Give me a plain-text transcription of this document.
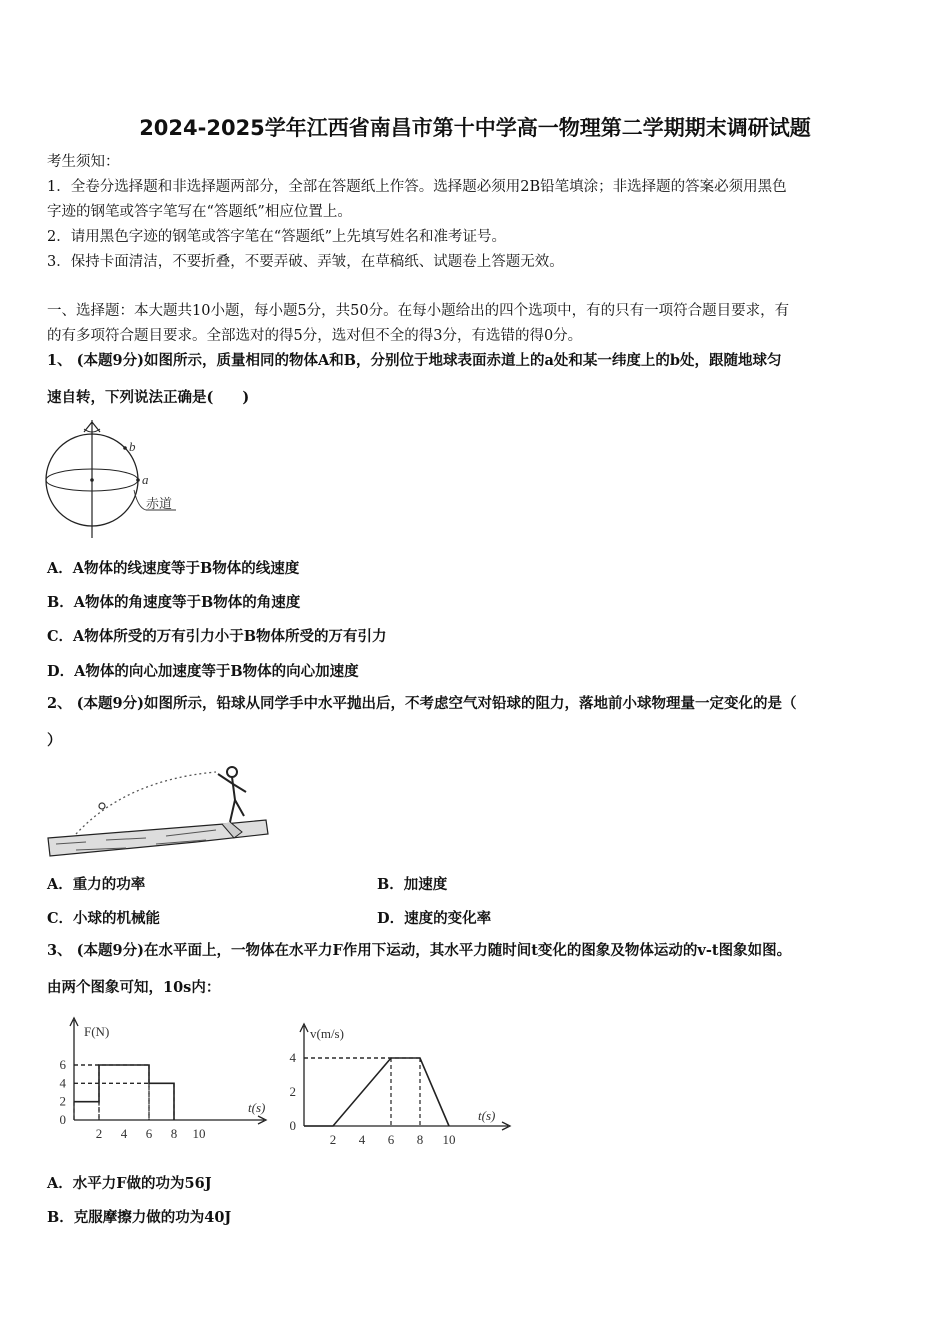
2024-2025学年江西省南昌市第十中学高一物理第二学期期末调研试题
考生须知：
1．全卷分选择题和非选择题两部分，全部在答题纸上作答。选择题必须用2B铅笔填涂；非选择题的答案必须用黑色
字迹的钢笔或答字笔写在“答题纸”相应位置上。
2．请用黑色字迹的钢笔或答字笔在“答题纸”上先填写姓名和准考证号。
3．保持卡面清洁，不要折叠，不要弄破、弄皱，在草稿纸、试题卷上答题无效。
一、选择题：本大题共10小题，每小题5分，共50分。在每小题给出的四个选项中，有的只有一项符合题目要求，有
的有多项符合题目要求。全部选对的得5分，选对但不全的得3分，有选错的得0分。
1、 (本题9分)如图所示，质量相同的物体A和B，分别位于地球表面赤道上的a处和某一纬度上的b处，跟随地球匀
速自转，下列说法正确是(　　)
b
a
赤道
A．A物体的线速度等于B物体的线速度
B．A物体的角速度等于B物体的角速度
C．A物体所受的万有引力小于B物体所受的万有引力
D．A物体的向心加速度等于B物体的向心加速度
2、 (本题9分)如图所示，铅球从同学手中水平抛出后，不考虑空气对铅球的阻力，落地前小球物理量一定变化的是（
）
A．重力的功率	B．加速度
C．小球的机械能	D．速度的变化率
3、 (本题9分)在水平面上，一物体在水平力F作用下运动，其水平力随时间t变化的图象及物体运动的v-t图象如图。
由两个图象可知，10s内：
F(N)
t(s)
2 4 6 8 10
6
4
2
0
v(m/s)
t(s)
2 4 6 8 10
4
2
0
A．水平力F做的功为56J
B．克服摩擦力做的功为40J
